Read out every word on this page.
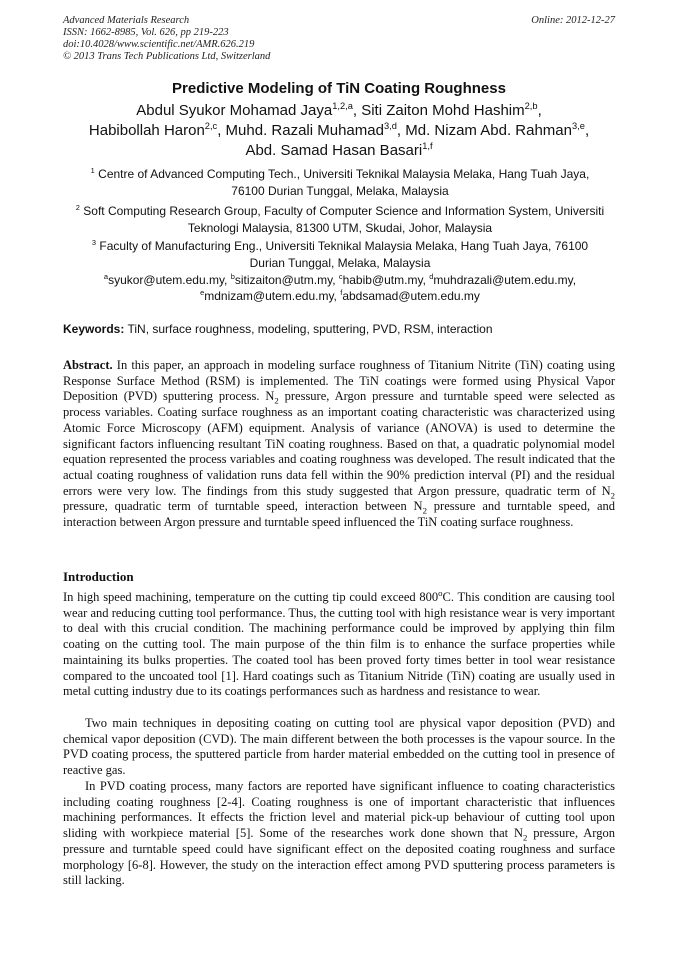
Advanced Materials Research
ISSN: 1662-8985, Vol. 626, pp 219-223
doi:10.4028/www.scientific.net/AMR.626.219
© 2013 Trans Tech Publications Ltd, Switzerland
Online: 2012-12-27
Predictive Modeling of TiN Coating Roughness
Abdul Syukor Mohamad Jaya$^{1,2,a}$, Siti Zaiton Mohd Hashim$^{2,b}$,
Habibollah Haron$^{2,c}$, Muhd. Razali Muhamad$^{3,d}$, Md. Nizam Abd. Rahman$^{3,e}$,
Abd. Samad Hasan Basari$^{1,f}$
$^1$ Centre of Advanced Computing Tech., Universiti Teknikal Malaysia Melaka, Hang Tuah Jaya,
76100 Durian Tunggal, Melaka, Malaysia
$^2$ Soft Computing Research Group, Faculty of Computer Science and Information System, Universiti
Teknologi Malaysia, 81300 UTM, Skudai, Johor, Malaysia
$^3$ Faculty of Manufacturing Eng., Universiti Teknikal Malaysia Melaka, Hang Tuah Jaya, 76100
Durian Tunggal, Melaka, Malaysia
$^a$syukor@utem.edu.my, $^b$sitizaiton@utm.my, $^c$habib@utm.my, $^d$muhdrazali@utem.edu.my,
$^e$mdnizam@utem.edu.my, $^f$abdsamad@utem.edu.my
Keywords: TiN, surface roughness, modeling, sputtering, PVD, RSM, interaction

Abstract. In this paper, an approach in modeling surface roughness of Titanium Nitrite (TiN) coating using Response Surface Method (RSM) is implemented. The TiN coatings were formed using Physical Vapor Deposition (PVD) sputtering process. $N_2$ pressure, Argon pressure and turntable speed were selected as process variables. Coating surface roughness as an important coating characteristic was characterized using Atomic Force Microscopy (AFM) equipment. Analysis of variance (ANOVA) is used to determine the significant factors influencing resultant TiN coating roughness. Based on that, a quadratic polynomial model equation represented the process variables and coating roughness was developed. The result indicated that the actual coating roughness of validation runs data fell within the 90% prediction interval (PI) and the residual errors were very low. The findings from this study suggested that Argon pressure, quadratic term of $N_2$ pressure, quadratic term of turntable speed, interaction between $N_2$ pressure and turntable speed, and interaction between Argon pressure and turntable speed influenced the TiN coating surface roughness.

Introduction

In high speed machining, temperature on the cutting tip could exceed 800$^o$C. This condition are causing tool wear and reducing cutting tool performance. Thus, the cutting tool with high resistance wear is very important to deal with this crucial condition. The machining performance could be improved by applying thin film coating on the cutting tool. The main purpose of the thin film is to enhance the surface properties while maintaining its bulks properties. The coated tool has been proved forty times better in tool wear resistance compared to the uncoated tool [1]. Hard coatings such as Titanium Nitride (TiN) coating are usually used in metal cutting industry due to its coatings performances such as hardness and resistance to wear.

Two main techniques in depositing coating on cutting tool are physical vapor deposition (PVD) and chemical vapor deposition (CVD). The main different between the both processes is the vapour source. In the PVD coating process, the sputtered particle from harder material embedded on the cutting tool in presence of reactive gas.

In PVD coating process, many factors are reported have significant influence to coating characteristics including coating roughness [2-4]. Coating roughness is one of important characteristic that influences machining performances. It effects the friction level and material pick-up behaviour of cutting tool upon sliding with workpiece material [5]. Some of the researches work done shown that $N_2$ pressure, Argon pressure and turntable speed could have significant effect on the deposited coating roughness and surface morphology [6-8]. However, the study on the interaction effect among PVD sputtering process parameters is still lacking.
